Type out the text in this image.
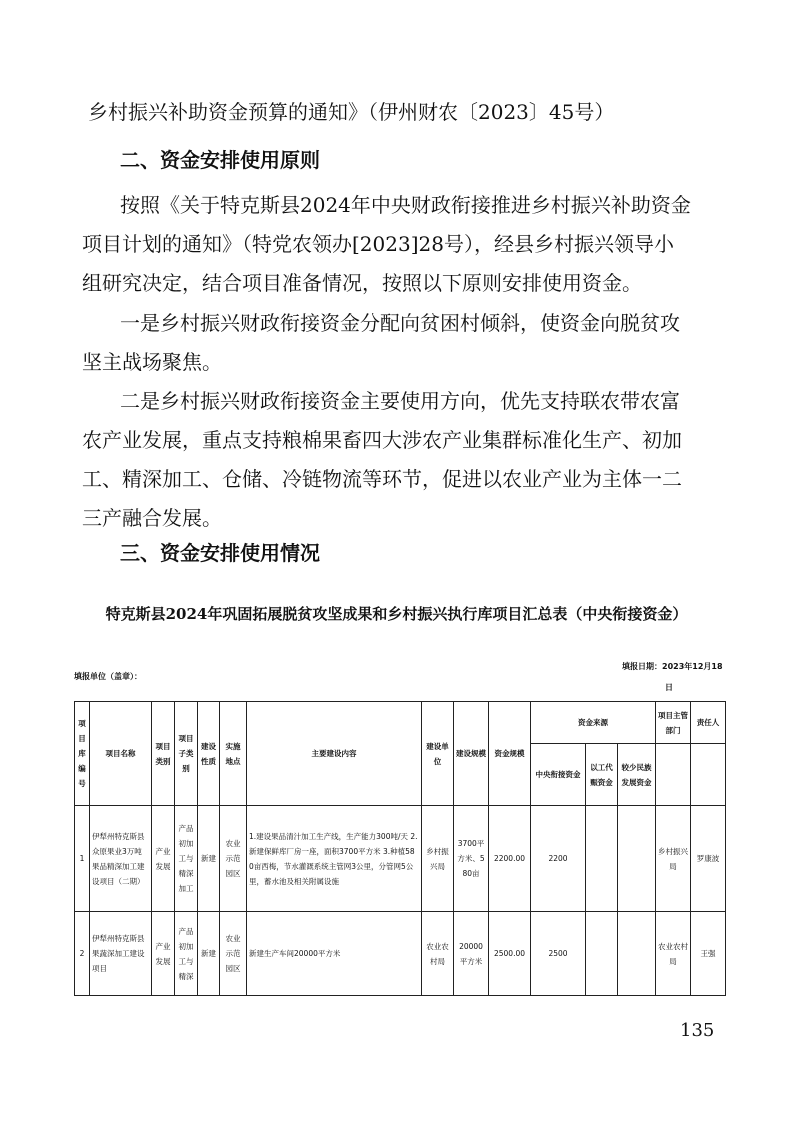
乡村振兴补助资金预算的通知》（伊州财农〔2023〕45号）
二、资金安排使用原则
按照《关于特克斯县2024年中央财政衔接推进乡村振兴补助资金
项目计划的通知》（特党农领办[2023]28号），经县乡村振兴领导小
组研究决定，结合项目准备情况，按照以下原则安排使用资金。
一是乡村振兴财政衔接资金分配向贫困村倾斜，使资金向脱贫攻
坚主战场聚焦。
二是乡村振兴财政衔接资金主要使用方向，优先支持联农带农富
农产业发展，重点支持粮棉果畜四大涉农产业集群标准化生产、初加
工、精深加工、仓储、冷链物流等环节，促进以农业产业为主体一二
三产融合发展。
三、资金安排使用情况
特克斯县2024年巩固拓展脱贫攻坚成果和乡村振兴执行库项目汇总表（中央衔接资金）
填报单位（盖章）：
填报日期：2023年12月18
日
项目库编号	项目名称	项目类别	项目子类别	建设性质	实施地点	主要建设内容	建设单位	建设规模	资金规模	资金来源			项目主管部门	责任人
										中央衔接资金	以工代赈资金	较少民族发展资金		
1	伊犁州特克斯县众原果业3万吨果品精深加工建设项目（二期）	产业发展	产品初加工与精深加工	新建	农业示范园区	1.建设果品清汁加工生产线，生产能力300吨/天 2.新建保鲜库厂房一座，面积3700平方米 3.种植580亩西梅，节水灌溉系统主管网3公里，分管网5公里，蓄水池及相关附属设施	乡村振兴局	3700平方米、580亩	2200.00	2200			乡村振兴局	罗康波
2	伊犁州特克斯县果蔬深加工建设项目	产业发展	产品初加工与精深	新建	农业示范园区	新建生产车间20000平方米	农业农村局	20000平方米	2500.00	2500			农业农村局	王强
135
